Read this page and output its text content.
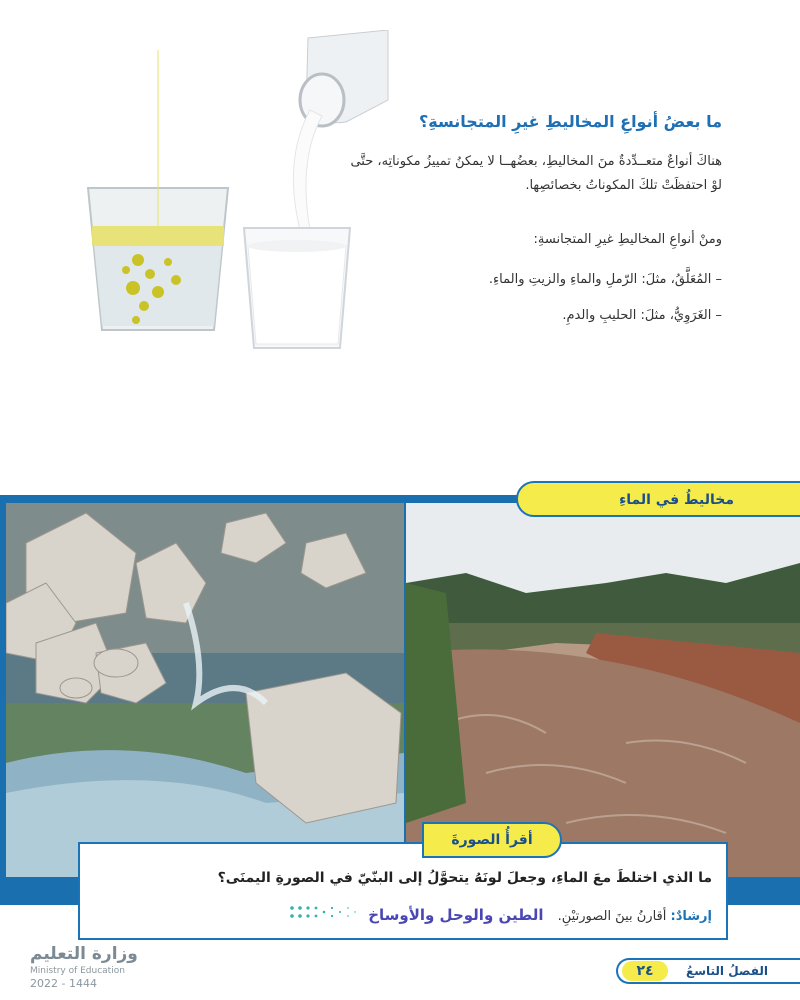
ما بعضُ أنواعِ المخاليطِ غيرِ المتجانسةِ؟
هناكَ أنواعٌ متعــدِّدةٌ منَ المخاليطِ، بعضُهــا لا يمكنُ تمييزُ مكوناتِه، حتَّى لوْ احتفظَتْ تلكَ المكوناتُ بخصائصِها.
ومنْ أنواعِ المخاليطِ غيرِ المتجانسةِ:
– المُعَلَّقُ، مثلَ: الرّملِ والماءِ والزيتِ والماءِ.
– الغَرَوِيُّ، مثلَ: الحليبِ والدمِ.
مخاليطُ في الماءِ
ما الذي اختلطَ معَ الماءِ، وجعلَ لونَهُ يتحوَّلُ إلى البنّيّ في الصورةِ اليمنَى؟
إرشادٌ: أقارنُ بينَ الصورتيْنِ. الطين والوحل والأوساخ
أقرأُ الصورةَ
وزارة التعليم
Ministry of Education
2022 - 1444
٢٤	الفصلُ التاسعُ
